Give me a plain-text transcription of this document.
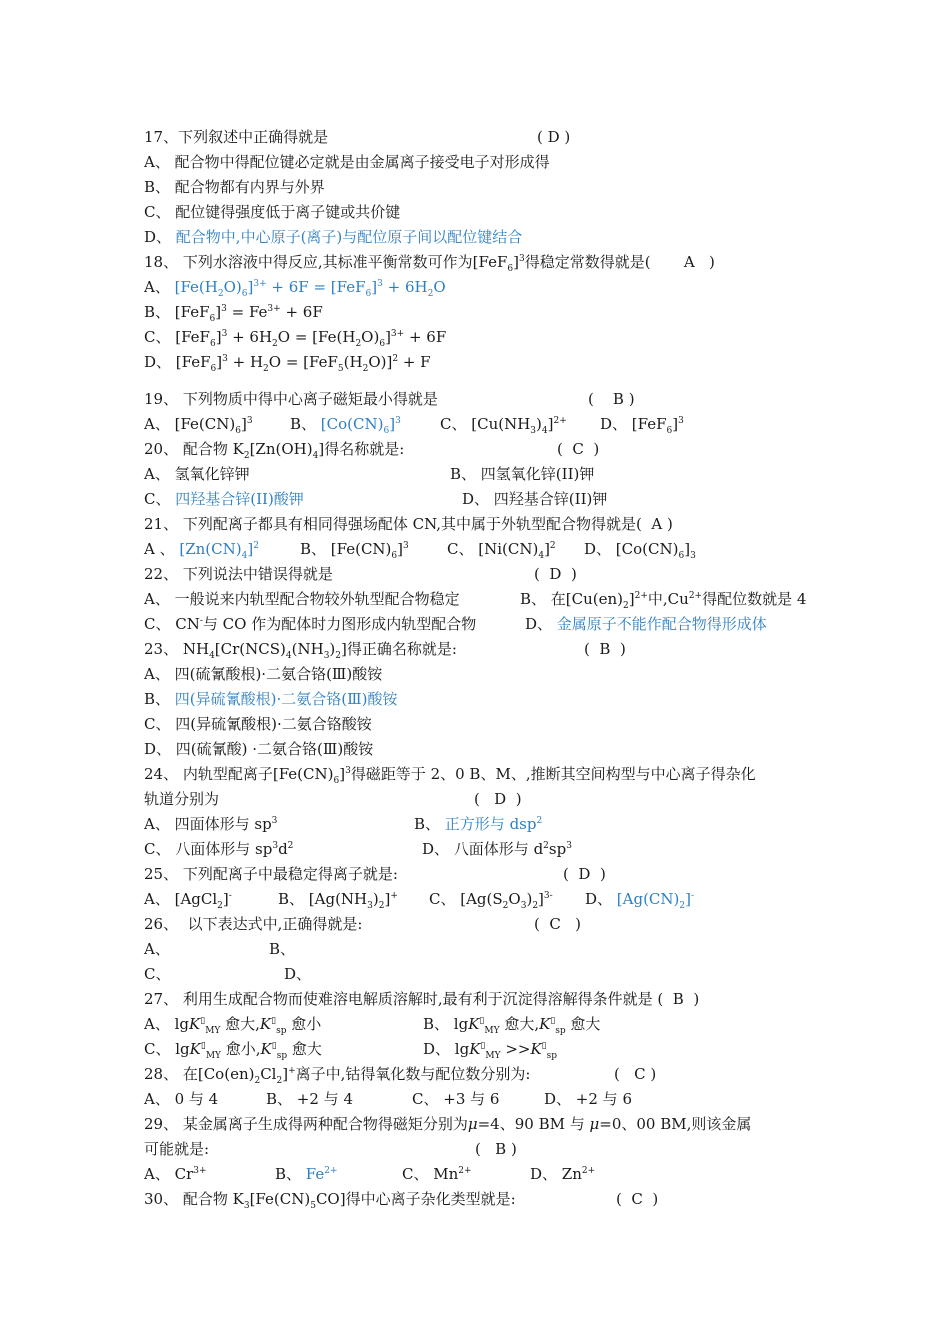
17、下列叙述中正确得就是	( D )
A、 配合物中得配位键必定就是由金属离子接受电子对形成得
B、 配合物都有内界与外界
C、 配位键得强度低于离子键或共价键
D、 配合物中,中心原子(离子)与配位原子间以配位键结合
18、 下列水溶液中得反应,其标准平衡常数可作为$[FeF_6]^3$得稳定常数得就是(       A   )
A、 $[Fe(H_2O)_6]^{3+} + 6F = [FeF_6]^3 + 6H_2O$
B、 $[FeF_6]^3 = Fe^{3+} + 6F$
C、 $[FeF_6]^3 + 6H_2O = [Fe(H_2O)_6]^{3+} + 6F$
D、 $[FeF_6]^3 + H_2O = [FeF_5(H_2O)]^2 + F$
19、 下列物质中得中心离子磁矩最小得就是	(    B )
A、 $[Fe(CN)_6]^3$ B、 $[Co(CN)_6]^3$	C、 $[Cu(NH_3)_4]^{2+}$ D、 $[FeF_6]^3$
20、 配合物 $K_2[Zn(OH)_4]$得名称就是:	(  C  )
A、 氢氧化锌钾	B、 四氢氧化锌(II)钾
C、 四羟基合锌(II)酸钾	D、 四羟基合锌(II)钾
21、 下列配离子都具有相同得强场配体 CN,其中属于外轨型配合物得就是(  A )
A 、 $[Zn(CN)_4]^2$	B、 $[Fe(CN)_6]^3$	C、 $[Ni(CN)_4]^2$ D、 $[Co(CN)_6]_3$
22、 下列说法中错误得就是	(  D  )
A、 一般说来内轨型配合物较外轨型配合物稳定	B、 在$[Cu(en)_2]^{2+}$中$,Cu^{2+}$得配位数就是 4
C、 CN-与 CO 作为配体时力图形成内轨型配合物	D、 金属原子不能作配合物得形成体
23、 $NH_4[Cr(NCS)_4(NH_3)_2]$得正确名称就是:	(  B  )
A、 四(硫氰酸根)·二氨合铬(Ⅲ)酸铵
B、 四(异硫氰酸根)·二氨合铬(Ⅲ)酸铵
C、 四(异硫氰酸根)·二氨合铬酸铵
D、 四(硫氰酸) ·二氨合铬(Ⅲ)酸铵
24、 内轨型配离子$[Fe(CN)_6]^3$得磁距等于 2、0 B、M、,推断其空间构型与中心离子得杂化
轨道分别为	(   D  )
A、 四面体形与 $sp^3$	B、 正方形与 dsp$^2$
C、 八面体形与 $sp^3d^2$	D、 八面体形与 $d^2sp^3$
25、 下列配离子中最稳定得离子就是:	(  D  )
A、 [AgCl$_2$]-	B、 $[Ag(NH_3)_2]^+$ C、 $[Ag(S_2O_3)_2]^{3-}$ D、 $[Ag(CN)_2]^-$
26、  以下表达式中,正确得就是:	(  C   )
A、	B、
C、	D、
27、 利用生成配合物而使难溶电解质溶解时,最有利于沉淀得溶解得条件就是 (  B  )
A、 lgK▯$_{MY}$ 愈大$,K^▯_{sp}$ 愈小	B、 lgK▯$_{MY}$ 愈大$,K^▯_{sp}$ 愈大
C、 lgK▯$_{MY}$ 愈小$,K^▯_{sp}$ 愈大	D、 $\lg K^▯_{MY} >>K^▯_{sp}$
28、 在$[Co(en)_2Cl_2]^+$离子中,钴得氧化数与配位数分别为:	(   C )
A、 0 与 4	B、 +2 与 4	C、 +3 与 6	D、 +2 与 6
29、 某金属离子生成得两种配合物得磁矩分别为μ=4、90 BM 与 μ=0、00 BM,则该金属
可能就是:	(   B )
A、 $Cr^{3+}$	B、 $Fe^{2+}$	C、 $Mn^{2+}$	D、 $Zn^{2+}$
30、 配合物 $K_3[Fe(CN)_5CO]$得中心离子杂化类型就是:	(  C  )
